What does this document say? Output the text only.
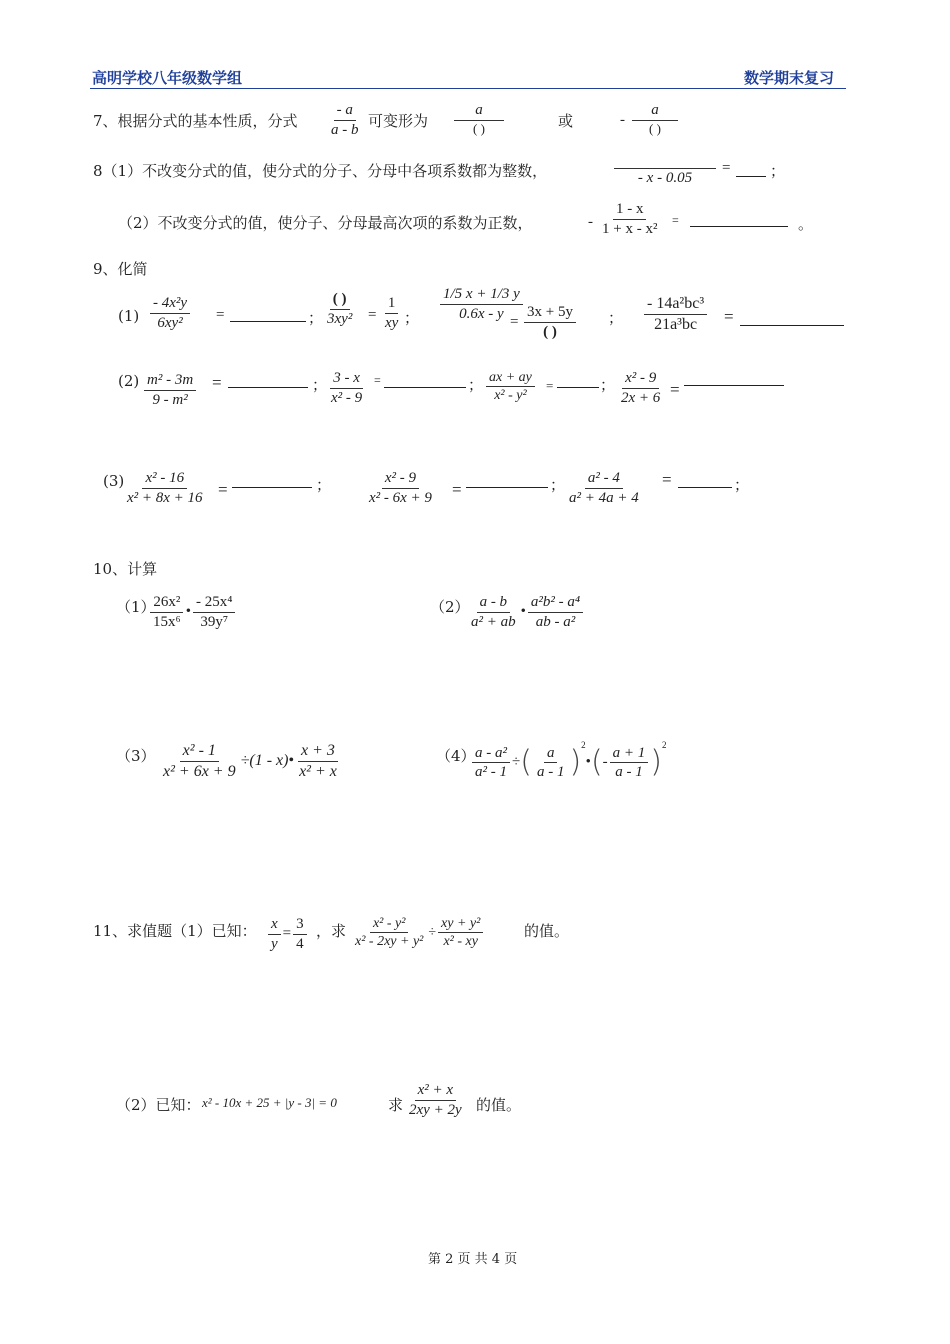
高明学校八年级数学组	数学期末复习
7、根据分式的基本性质，分式 $\frac{- a}{a - b}$ 可变形为 $\frac{a}{( )}$	或	- $\frac{a}{( )}$
8（1）不改变分式的值，使分式的分子、分母中各项系数都为整数，
	- x - 0.05
=	；
（2）不改变分式的值，使分子、分母最高次项的系数为正数，	- $\frac{1 - x}{\text{1 + x - x²}}$ =	。
9、化简
$(1) \frac{\text{- 4x²y}}{\text{6xy²}}$ =	； $\frac{( )}{\text{3xy²}} = \frac{1}{xy}$ ； $\frac{1/5 x + 1/3 y}{0.6x - y}$
= $\frac{3x + 5y}{( )}$ ； $\frac{\text{- 14a²bc³}}{\text{21a³bc}}$ =
$(2) \frac{\text{m² - 3m}}{\text{9 - m²}}$ =	； $\frac{3 - x}{\text{x² - 9}}$ =	； $\frac{ax + ay}{\text{x² - y²}}$ =	； $\frac{\text{x² - 9}}{2x + 6}$ =
$(3) \frac{\text{x² - 16}}{\text{x² + 8x + 16}}$ =	； $\frac{\text{x² - 9}}{\text{x² - 6x + 9}}$ =	； $\frac{\text{a² - 4}}{\text{a² + 4a + 4}}$ =	；
10、计算
（1）
$\frac{\text{26x²}}{\text{15x⁶}}$ • $\frac{\text{- 25x⁴}}{\text{39y⁷}}$	（2）
$\frac{a - b}{\text{a² + ab}}$ • $\frac{\text{a²b² - a⁴}}{\text{ab - a²}}$
$(3) \frac{\text{x² - 1}}{\text{x² + 6x + 9}} \div(1$ - x)• $\frac{x + 3}{\text{x² + x}}$	（4）
$\frac{\text{a - a²}}{\text{a² - 1}}$ ÷( $\frac{a}{a - 1}$ )$^2$•(- $\frac{a + 1}{a - 1} )^2$
11、求值题（1）已知： $\frac{x}{y} = \frac{3}{4}$ ，求 $\frac{\text{x² - y²}}{\text{x² - 2xy + y²}} \div \frac{\text{xy + y²}}{\text{x² - xy}}$	的值。
（2）已知： x² - 10x + 25 + |y - 3| = 0	求 $\frac{\text{x² + x}}{2xy + 2y}$ 的值。
第 2 页 共 4 页
